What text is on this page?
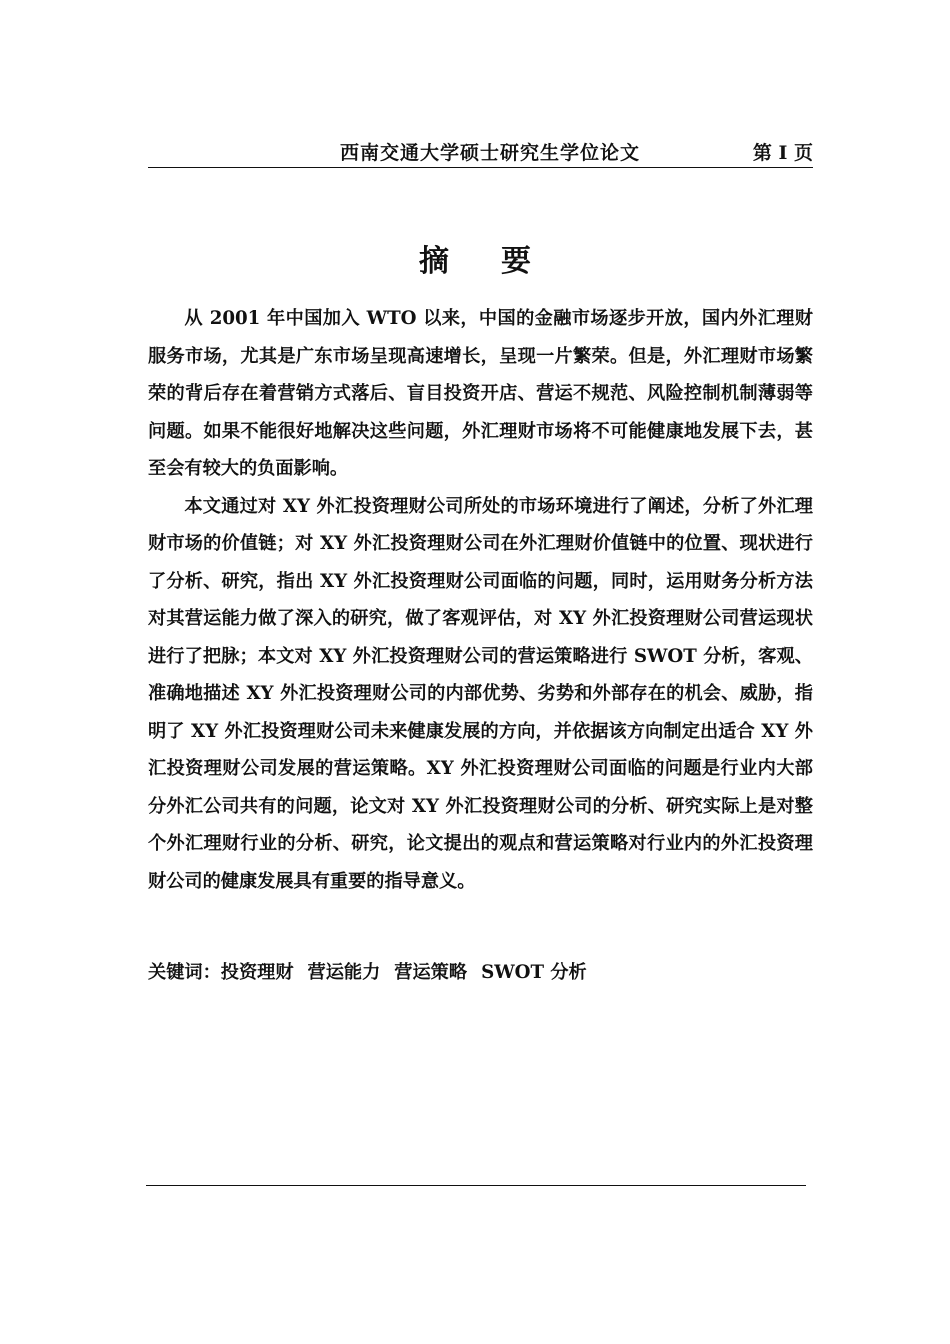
西南交通大学硕士研究生学位论文	第 I 页
摘要

从 2001 年中国加入 WTO 以来，中国的金融市场逐步开放，国内外汇理财服务市场，尤其是广东市场呈现高速增长，呈现一片繁荣。但是，外汇理财市场繁荣的背后存在着营销方式落后、盲目投资开店、营运不规范、风险控制机制薄弱等问题。如果不能很好地解决这些问题，外汇理财市场将不可能健康地发展下去，甚至会有较大的负面影响。

本文通过对 XY 外汇投资理财公司所处的市场环境进行了阐述，分析了外汇理财市场的价值链；对 XY 外汇投资理财公司在外汇理财价值链中的位置、现状进行了分析、研究，指出 XY 外汇投资理财公司面临的问题，同时，运用财务分析方法对其营运能力做了深入的研究，做了客观评估，对 XY 外汇投资理财公司营运现状进行了把脉；本文对 XY 外汇投资理财公司的营运策略进行 SWOT 分析，客观、准确地描述 XY 外汇投资理财公司的内部优势、劣势和外部存在的机会、威胁，指明了 XY 外汇投资理财公司未来健康发展的方向，并依据该方向制定出适合 XY 外汇投资理财公司发展的营运策略。XY 外汇投资理财公司面临的问题是行业内大部分外汇公司共有的问题，论文对 XY 外汇投资理财公司的分析、研究实际上是对整个外汇理财行业的分析、研究，论文提出的观点和营运策略对行业内的外汇投资理财公司的健康发展具有重要的指导意义。

关键词：投资理财 营运能力 营运策略 SWOT 分析
